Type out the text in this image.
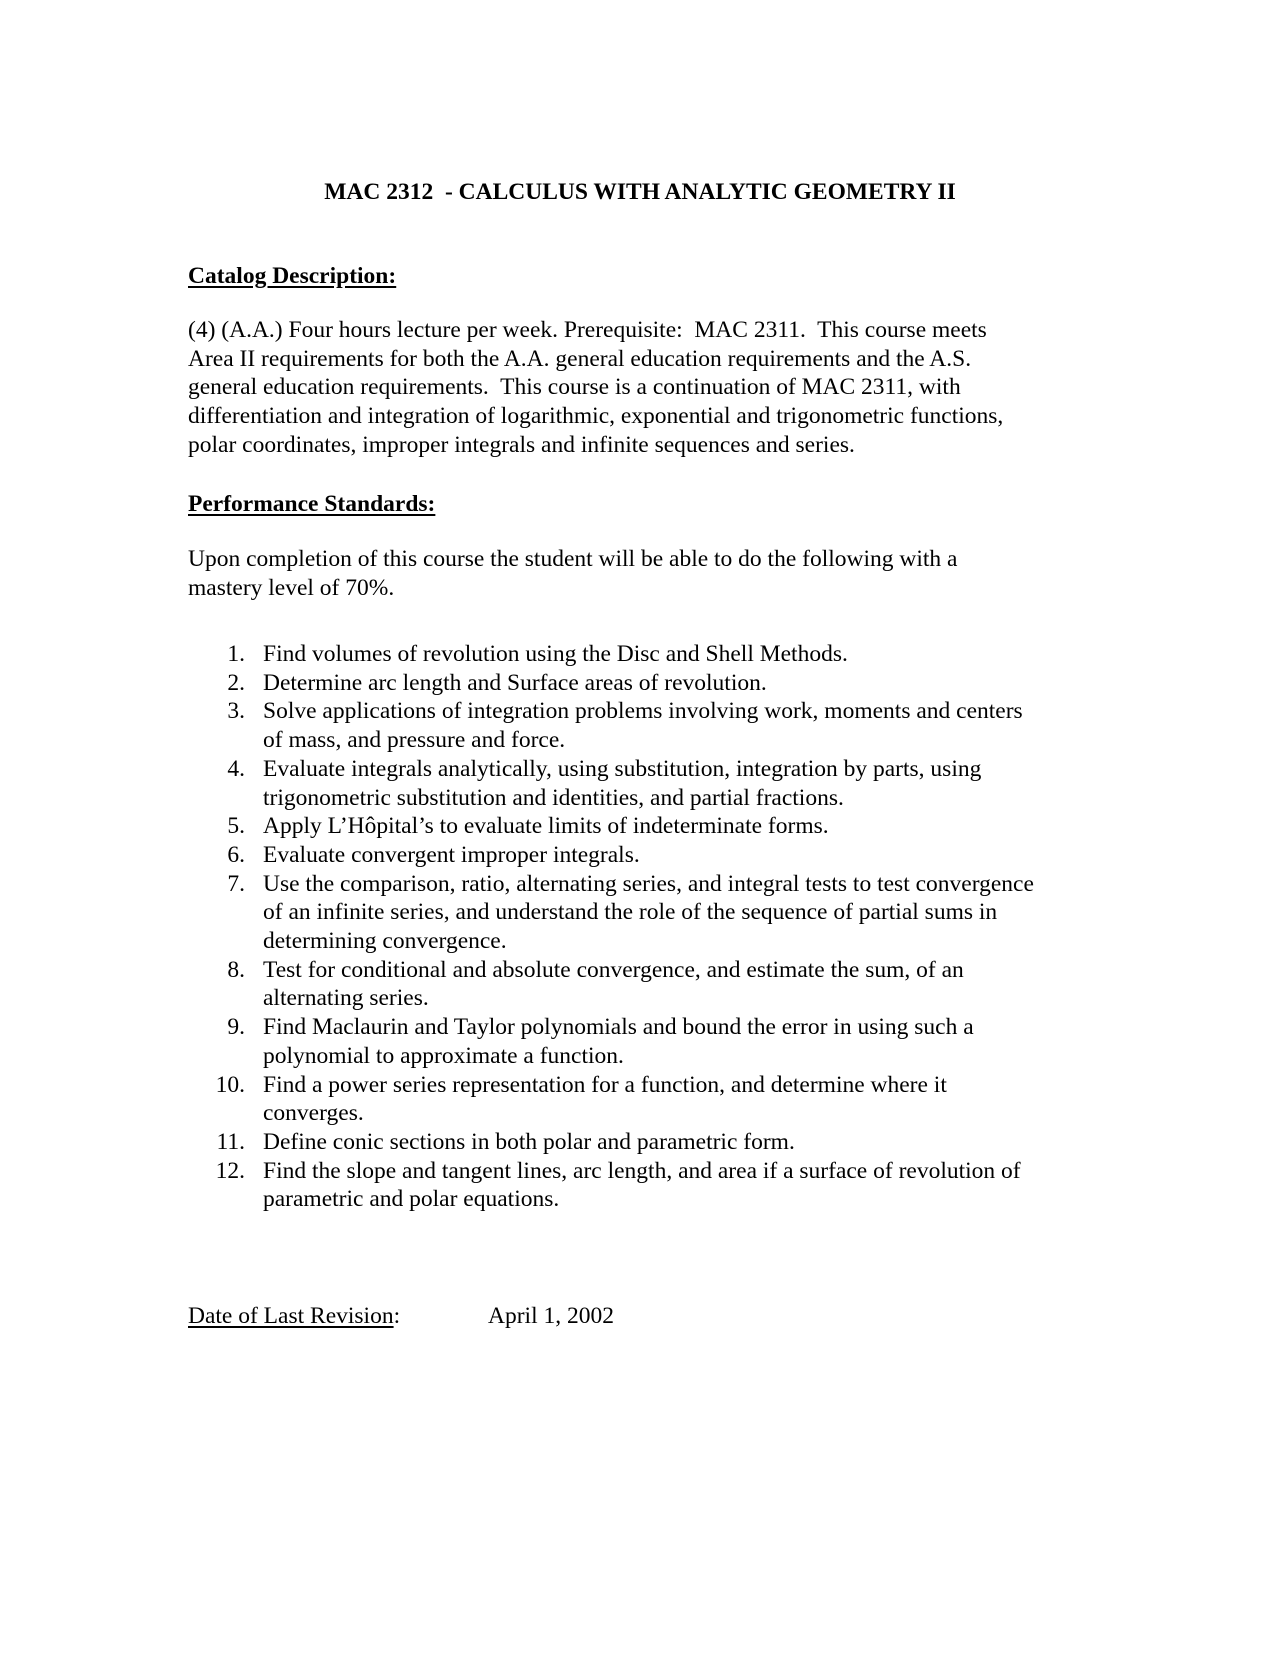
MAC 2312  - CALCULUS WITH ANALYTIC GEOMETRY II
Catalog Description:
(4) (A.A.) Four hours lecture per week. Prerequisite:  MAC 2311.  This course meets
Area II requirements for both the A.A. general education requirements and the A.S.
general education requirements.  This course is a continuation of MAC 2311, with
differentiation and integration of logarithmic, exponential and trigonometric functions,
polar coordinates, improper integrals and infinite sequences and series.
Performance Standards:
Upon completion of this course the student will be able to do the following with a
mastery level of 70%.
1. Find volumes of revolution using the Disc and Shell Methods.
2. Determine arc length and Surface areas of revolution.
3. Solve applications of integration problems involving work, moments and centers
of mass, and pressure and force.
4. Evaluate integrals analytically, using substitution, integration by parts, using
trigonometric substitution and identities, and partial fractions.
5. Apply L’Hôpital’s to evaluate limits of indeterminate forms.
6. Evaluate convergent improper integrals.
7. Use the comparison, ratio, alternating series, and integral tests to test convergence
of an infinite series, and understand the role of the sequence of partial sums in
determining convergence.
8. Test for conditional and absolute convergence, and estimate the sum, of an
alternating series.
9. Find Maclaurin and Taylor polynomials and bound the error in using such a
polynomial to approximate a function.
10. Find a power series representation for a function, and determine where it
converges.
11. Define conic sections in both polar and parametric form.
12. Find the slope and tangent lines, arc length, and area if a surface of revolution of
parametric and polar equations.
Date of Last Revision:	April 1, 2002
